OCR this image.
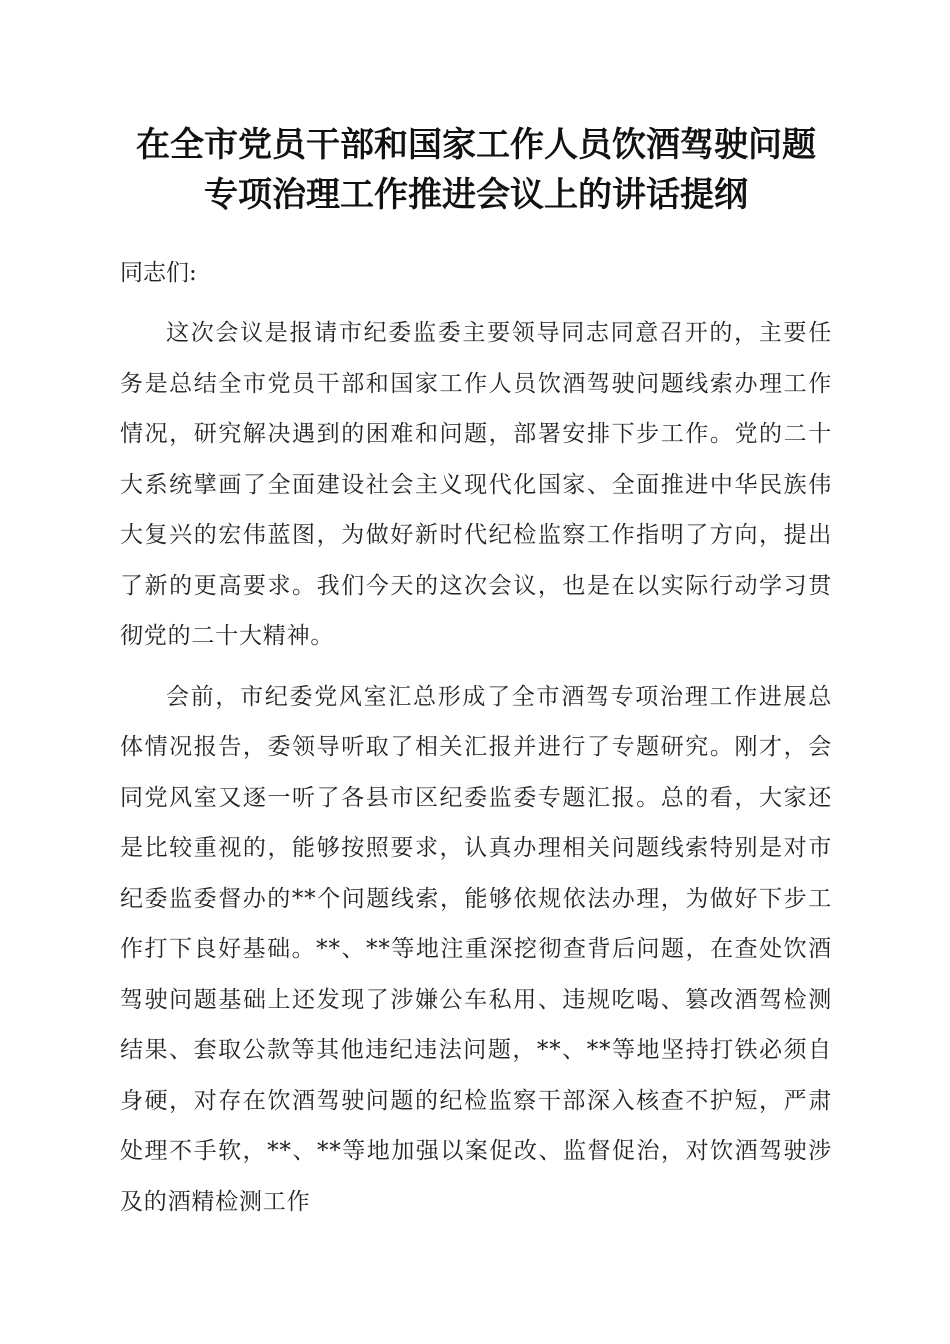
在全市党员干部和国家工作人员饮酒驾驶问题
专项治理工作推进会议上的讲话提纲

同志们:

这次会议是报请市纪委监委主要领导同志同意召开的，主要任务是总结全市党员干部和国家工作人员饮酒驾驶问题线索办理工作情况，研究解决遇到的困难和问题，部署安排下步工作。党的二十大系统擘画了全面建设社会主义现代化国家、全面推进中华民族伟大复兴的宏伟蓝图，为做好新时代纪检监察工作指明了方向，提出了新的更高要求。我们今天的这次会议，也是在以实际行动学习贯彻党的二十大精神。

会前，市纪委党风室汇总形成了全市酒驾专项治理工作进展总体情况报告，委领导听取了相关汇报并进行了专题研究。刚才，会同党风室又逐一听了各县市区纪委监委专题汇报。总的看，大家还是比较重视的，能够按照要求，认真办理相关问题线索特别是对市纪委监委督办的**个问题线索，能够依规依法办理，为做好下步工作打下良好基础。**、**等地注重深挖彻查背后问题，在查处饮酒驾驶问题基础上还发现了涉嫌公车私用、违规吃喝、篡改酒驾检测结果、套取公款等其他违纪违法问题，**、**等地坚持打铁必须自身硬，对存在饮酒驾驶问题的纪检监察干部深入核查不护短，严肃处理不手软，**、**等地加强以案促改、监督促治，对饮酒驾驶涉及的酒精检测工作
